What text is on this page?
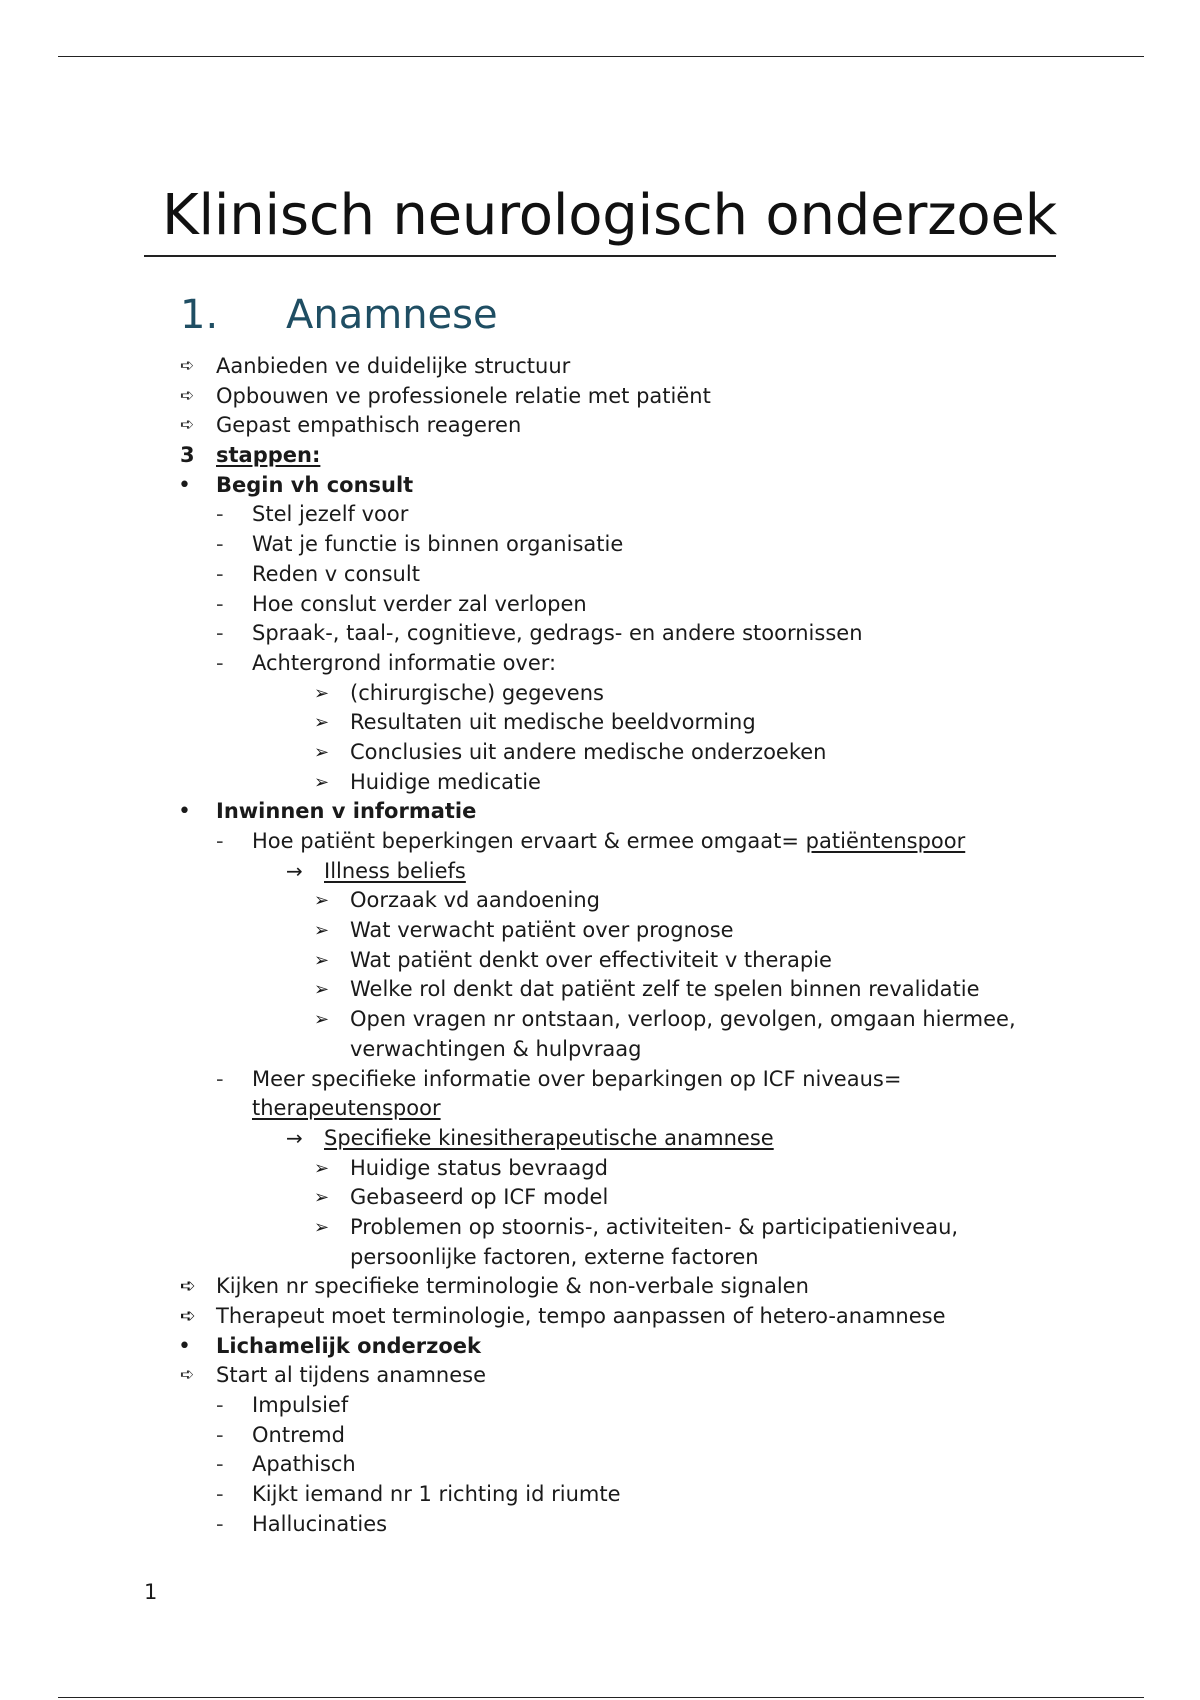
Klinisch neurologisch onderzoek
1. Anamnese
➪ Aanbieden ve duidelijke structuur
➪ Opbouwen ve professionele relatie met patiënt
➪ Gepast empathisch reageren
3 stappen:
• Begin vh consult
- Stel jezelf voor
- Wat je functie is binnen organisatie
- Reden v consult
- Hoe conslut verder zal verlopen
- Spraak-, taal-, cognitieve, gedrags- en andere stoornissen
- Achtergrond informatie over:
➢ (chirurgische) gegevens
➢ Resultaten uit medische beeldvorming
➢ Conclusies uit andere medische onderzoeken
➢ Huidige medicatie
• Inwinnen v informatie
- Hoe patiënt beperkingen ervaart & ermee omgaat= patiëntenspoor
→ Illness beliefs
➢ Oorzaak vd aandoening
➢ Wat verwacht patiënt over prognose
➢ Wat patiënt denkt over effectiviteit v therapie
➢ Welke rol denkt dat patiënt zelf te spelen binnen revalidatie
➢ Open vragen nr ontstaan, verloop, gevolgen, omgaan hiermee,
verwachtingen & hulpvraag
- Meer specifieke informatie over beparkingen op ICF niveaus=
therapeutenspoor
→ Specifieke kinesitherapeutische anamnese
➢ Huidige status bevraagd
➢ Gebaseerd op ICF model
➢ Problemen op stoornis-, activiteiten- & participatieniveau,
persoonlijke factoren, externe factoren
➪ Kijken nr specifieke terminologie & non-verbale signalen
➪ Therapeut moet terminologie, tempo aanpassen of hetero-anamnese
• Lichamelijk onderzoek
➪ Start al tijdens anamnese
- Impulsief
- Ontremd
- Apathisch
- Kijkt iemand nr 1 richting id riumte
- Hallucinaties
1
